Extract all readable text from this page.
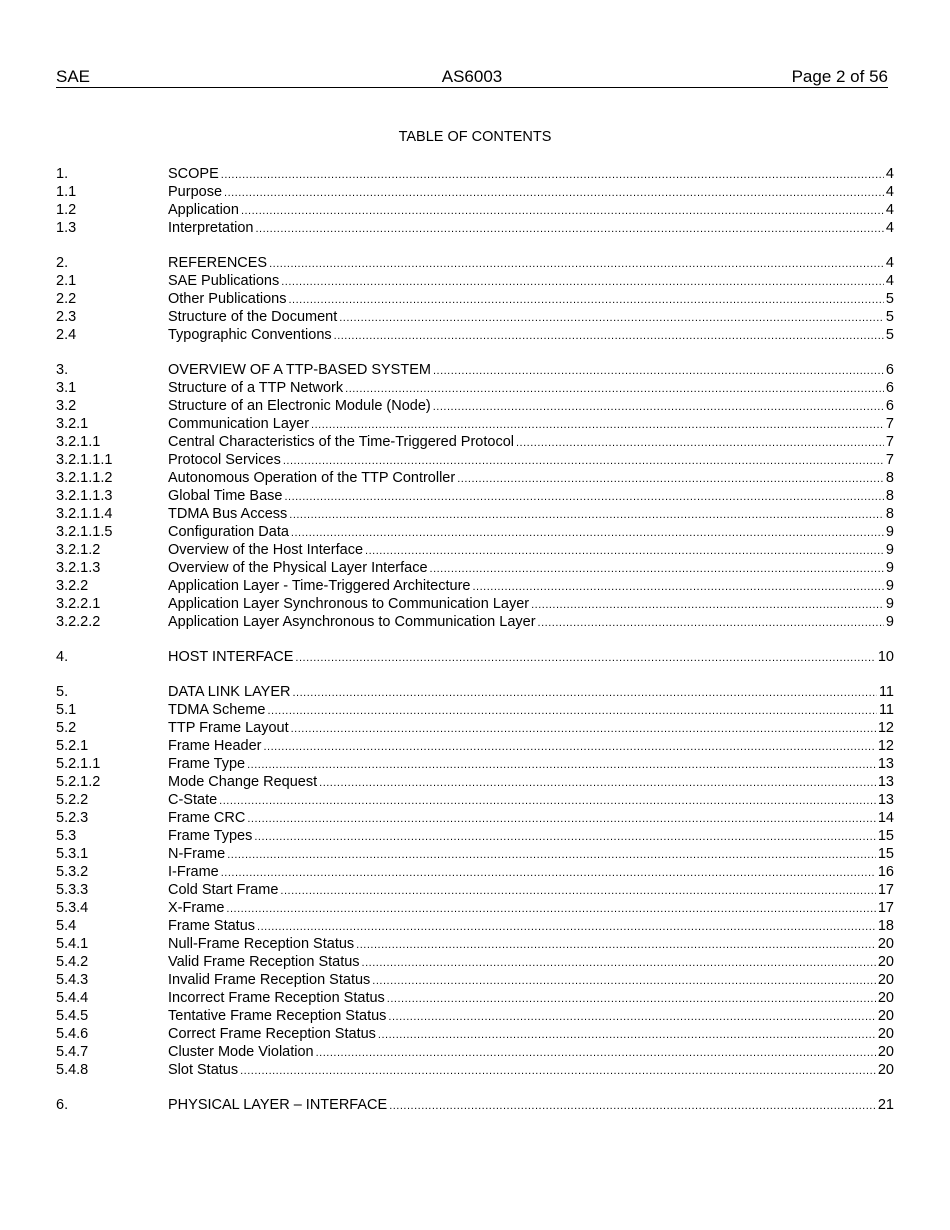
SAE	AS6003	Page 2 of 56
TABLE OF CONTENTS
1.	SCOPE .....	4
1.1	Purpose .....	4
1.2	Application .....	4
1.3	Interpretation .....	4
2.	REFERENCES .....	4
2.1	SAE Publications .....	4
2.2	Other Publications .....	5
2.3	Structure of the Document .....	5
2.4	Typographic Conventions .....	5
3.	OVERVIEW OF A TTP-BASED SYSTEM .....	6
3.1	Structure of a TTP Network .....	6
3.2	Structure of an Electronic Module (Node) .....	6
3.2.1	Communication Layer .....	7
3.2.1.1	Central Characteristics of the Time-Triggered Protocol .....	7
3.2.1.1.1	Protocol Services .....	7
3.2.1.1.2	Autonomous Operation of the TTP Controller .....	8
3.2.1.1.3	Global Time Base .....	8
3.2.1.1.4	TDMA Bus Access .....	8
3.2.1.1.5	Configuration Data .....	9
3.2.1.2	Overview of the Host Interface .....	9
3.2.1.3	Overview of the Physical Layer Interface .....	9
3.2.2	Application Layer - Time-Triggered Architecture .....	9
3.2.2.1	Application Layer Synchronous to Communication Layer .....	9
3.2.2.2	Application Layer Asynchronous to Communication Layer .....	9
4.	HOST INTERFACE .....	10
5.	DATA LINK LAYER .....	11
5.1	TDMA Scheme .....	11
5.2	TTP Frame Layout .....	12
5.2.1	Frame Header .....	12
5.2.1.1	Frame Type .....	13
5.2.1.2	Mode Change Request .....	13
5.2.2	C-State .....	13
5.2.3	Frame CRC .....	14
5.3	Frame Types .....	15
5.3.1	N-Frame .....	15
5.3.2	I-Frame .....	16
5.3.3	Cold Start Frame .....	17
5.3.4	X-Frame .....	17
5.4	Frame Status .....	18
5.4.1	Null-Frame Reception Status .....	20
5.4.2	Valid Frame Reception Status .....	20
5.4.3	Invalid Frame Reception Status .....	20
5.4.4	Incorrect Frame Reception Status .....	20
5.4.5	Tentative Frame Reception Status .....	20
5.4.6	Correct Frame Reception Status .....	20
5.4.7	Cluster Mode Violation .....	20
5.4.8	Slot Status .....	20
6.	PHYSICAL LAYER – INTERFACE .....	21
